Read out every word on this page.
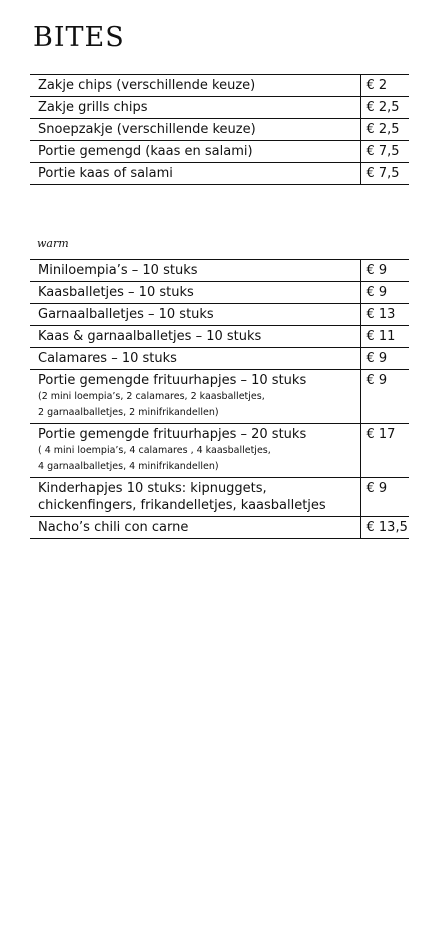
BITES
Zakje chips (verschillende keuze)	€ 2
Zakje grills chips	€ 2,5
Snoepzakje (verschillende keuze)	€ 2,5
Portie gemengd (kaas en salami)	€ 7,5
Portie kaas of salami	€ 7,5

warm

Miniloempia’s – 10 stuks	€ 9
Kaasballetjes – 10 stuks	€ 9
Garnaalballetjes – 10 stuks	€ 13
Kaas & garnaalballetjes – 10 stuks	€ 11
Calamares – 10 stuks	€ 9
Portie gemengde frituurhapjes – 10 stuks
(2 mini loempia’s, 2 calamares, 2 kaasballetjes,
2 garnaalballetjes, 2 minifrikandellen)	€ 9
Portie gemengde frituurhapjes – 20 stuks
( 4 mini loempia’s, 4 calamares , 4 kaasballetjes,
4 garnaalballetjes, 4 minifrikandellen)	€ 17
Kinderhapjes 10 stuks: kipnuggets,
chickenfingers, frikandelletjes, kaasballetjes	€ 9
Nacho’s chili con carne	€ 13,5
